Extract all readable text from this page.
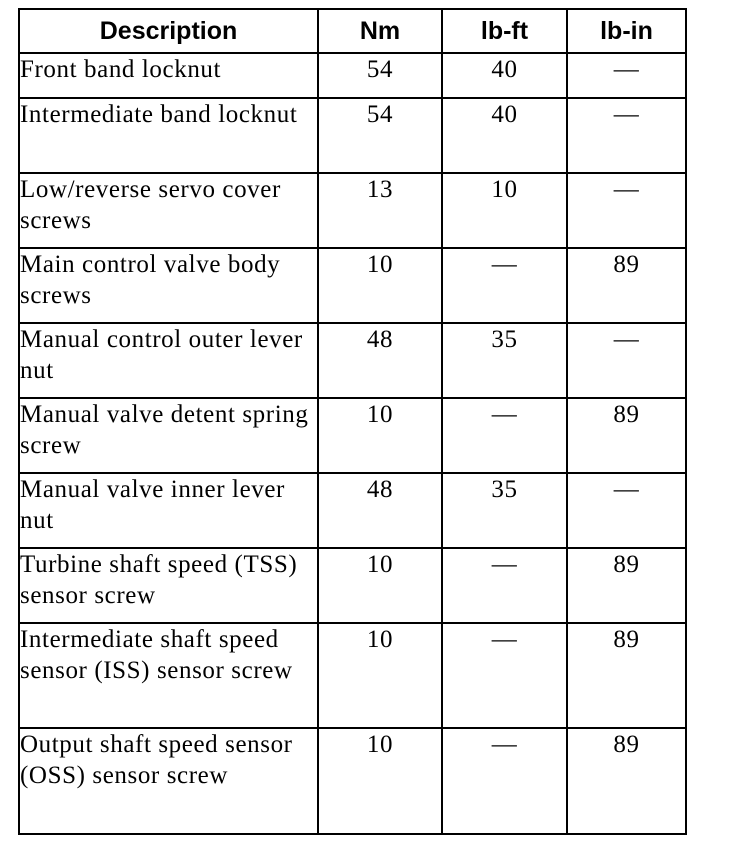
Description	Nm	lb-ft	lb-in
Front band locknut	54	40	—
Intermediate band locknut	54	40	—
Low/reverse servo cover screws	13	10	—
Main control valve body screws	10	—	89
Manual control outer lever nut	48	35	—
Manual valve detent spring screw	10	—	89
Manual valve inner lever nut	48	35	—
Turbine shaft speed (TSS) sensor screw	10	—	89
Intermediate shaft speed sensor (ISS) sensor screw	10	—	89
Output shaft speed sensor (OSS) sensor screw	10	—	89
